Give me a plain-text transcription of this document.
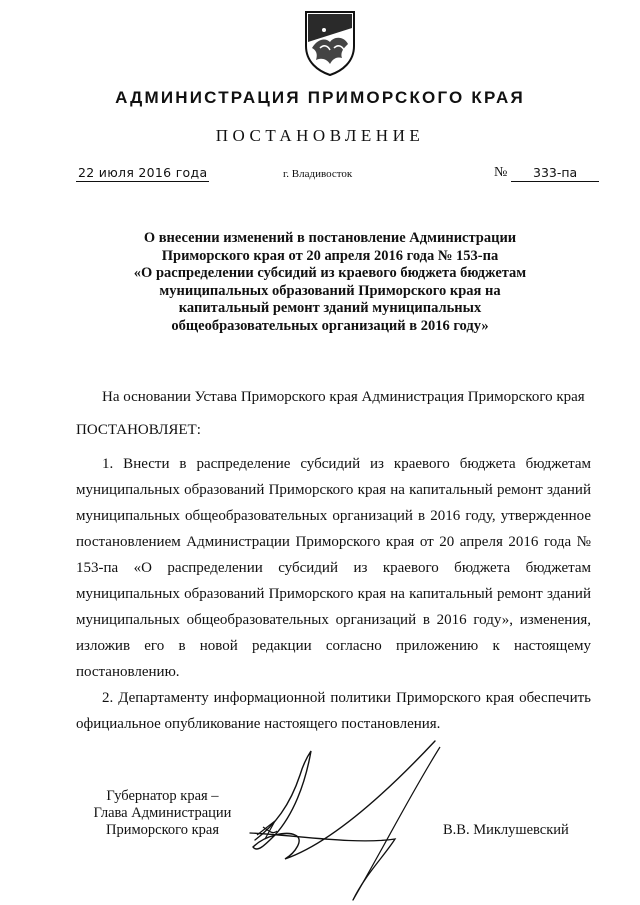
АДМИНИСТРАЦИЯ ПРИМОРСКОГО КРАЯ
ПОСТАНОВЛЕНИЕ
22 июля 2016 года	г. Владивосток	№	333-па
О внесении изменений в постановление Администрации
Приморского края от 20 апреля 2016 года № 153-па
«О распределении субсидий из краевого бюджета бюджетам
муниципальных образований Приморского края на
капитальный ремонт зданий муниципальных
общеобразовательных организаций в 2016 году»
На основании Устава Приморского края Администрация Приморского края
ПОСТАНОВЛЯЕТ:
1. Внести в распределение субсидий из краевого бюджета бюджетам муниципальных образований Приморского края на капитальный ремонт зданий муниципальных общеобразовательных организаций в 2016 году, утвержденное постановлением Администрации Приморского края от 20 апреля 2016 года № 153-па «О распределении субсидий из краевого бюджета бюджетам муниципальных образований Приморского края на капитальный ремонт зданий муниципальных общеобразовательных организаций в 2016 году», изменения, изложив его в новой редакции согласно приложению к настоящему постановлению.
2. Департаменту информационной политики Приморского края обеспечить официальное опубликование настоящего постановления.
Губернатор края –
Глава Администрации
Приморского края	В.В. Миклушевский
